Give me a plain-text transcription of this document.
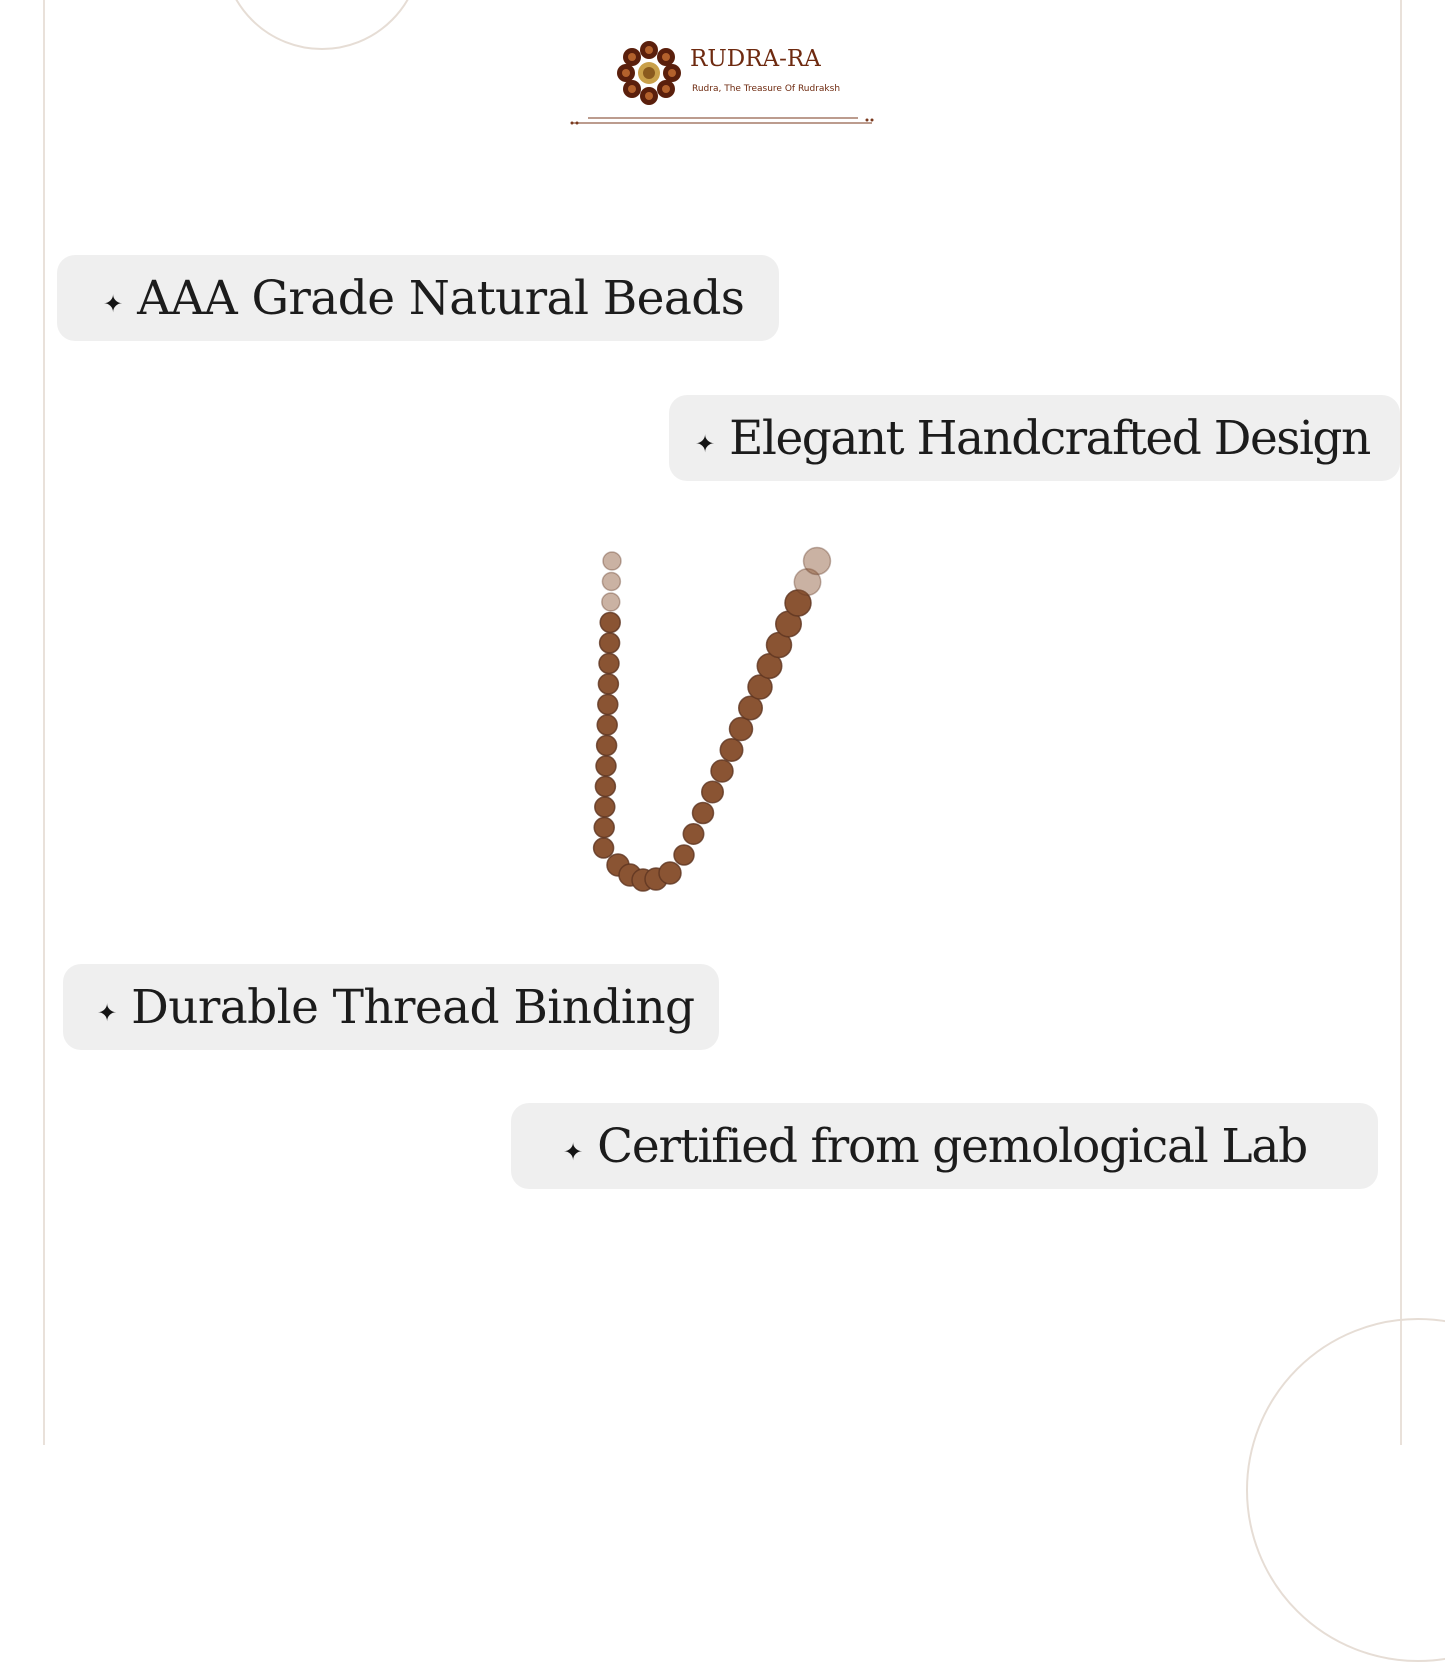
RUDRA-RA
Rudra, The Treasure Of Rudraksh
✦ AAA Grade Natural Beads
✦ Elegant Handcrafted Design
✦ Durable Thread Binding
✦ Certified from gemological Lab
